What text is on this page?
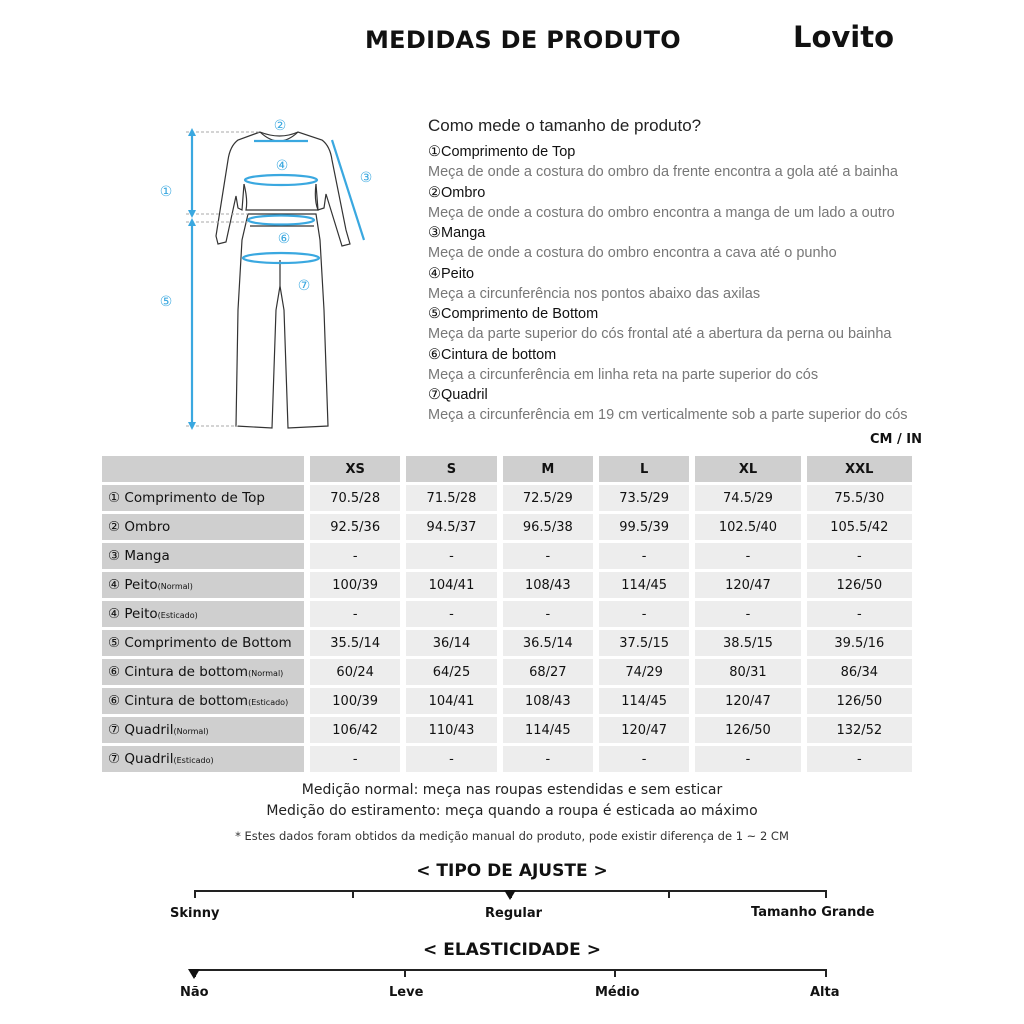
MEDIDAS DE PRODUTO	Lovito
①
②
③
④
⑤
⑥
⑦
Como mede o tamanho de produto?
①Comprimento de Top
Meça de onde a costura do ombro da frente encontra a gola até a bainha
②Ombro
Meça de onde a costura do ombro encontra a manga de um lado a outro
③Manga
Meça de onde a costura do ombro encontra a cava até o punho
④Peito
Meça a circunferência nos pontos abaixo das axilas
⑤Comprimento de Bottom
Meça da parte superior do cós frontal até a abertura da perna ou bainha
⑥Cintura de bottom
Meça a circunferência em linha reta na parte superior do cós
⑦Quadril
Meça a circunferência em 19 cm verticalmente sob a parte superior do cós
CM / IN
	XS	S	M	L	XL	XXL
① Comprimento de Top	70.5/28	71.5/28	72.5/29	73.5/29	74.5/29	75.5/30
② Ombro	92.5/36	94.5/37	96.5/38	99.5/39	102.5/40	105.5/42
③ Manga	-	-	-	-	-	-
④ Peito(Normal)	100/39	104/41	108/43	114/45	120/47	126/50
④ Peito(Esticado)	-	-	-	-	-	-
⑤ Comprimento de Bottom	35.5/14	36/14	36.5/14	37.5/15	38.5/15	39.5/16
⑥ Cintura de bottom(Normal)	60/24	64/25	68/27	74/29	80/31	86/34
⑥ Cintura de bottom(Esticado)	100/39	104/41	108/43	114/45	120/47	126/50
⑦ Quadril(Normal)	106/42	110/43	114/45	120/47	126/50	132/52
⑦ Quadril(Esticado)	-	-	-	-	-	-
Medição normal: meça nas roupas estendidas e sem esticar
Medição do estiramento: meça quando a roupa é esticada ao máximo
* Estes dados foram obtidos da medição manual do produto, pode existir diferença de 1 ~ 2 CM
< TIPO DE AJUSTE >
Skinny	Regular	Tamanho Grande
< ELASTICIDADE >
Não	Leve	Médio	Alta
